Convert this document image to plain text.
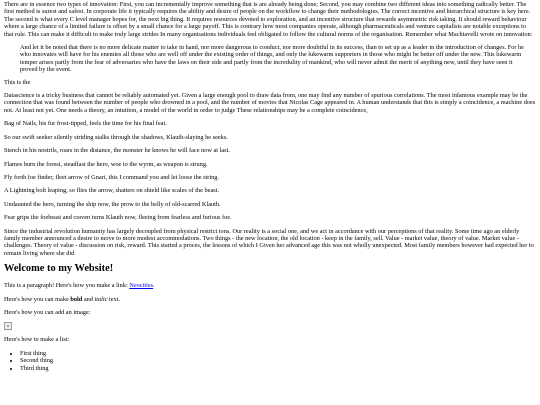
There are in essence two types of innovation: First, you can incrementally improve something that is are already being done; Second, you may combine two different ideas into something radically better. The first method is surest and safest. In corporate life it typically requires the ability and desire of people on the workflow to change their methodologies. The correct incentive and hierarchical structure is key here. The second is what every C level manager hopes for, the next big thing. It requires resources devoted to exploration, and an incentive structure that rewards asymmetric risk taking. It should reward behaviour where a large chance of a limited failure is offset by a small chance for a large payoff. This is contrary how most companies operate, although pharmaceuticals and venture capitalists are notable exceptions to that rule. This can make it difficult to make truly large strides In many organisations individuals feel obligated to follow the cultural norms of the organisation. Remember what Machiavelli wrote on innovation:

And let it be noted that there is no more delicate matter to take in hand, nor more dangerous to conduct, nor more doubtful in its success, than to set up as a leader in the introduction of changes. For he who innovates will have for his enemies all those who are well off under the existing order of things, and only the lukewarm supporters in those who might be better off under the new. This lukewarm temper arises partly from the fear of adversaries who have the laws on their side and partly from the incredulity of mankind, who will never admit the merit of anything new, until they have seen it proved by the event.

This is the

Datascience is a tricky business that cannot be reliably automated yet. Given a large enough pool to draw data from, one may find any number of spurious correlations. The most infamous example may be the connection that was found between the number of people who drowned in a pool, and the number of movies that Nicolas Cage appeared in. A human understands that this is simply a coincidence, a machine does not. At least not yet. One needs a theory, an intuition, a model of the world in order to judge These relationships may be a complete coincidence,

Bag of Nails, his fur frost-tipped, feels the time for his final feat.

So our swift seeker silently striding stalks through the shadows, Klauth-slaying he seeks.

Stench in his nostrils, roars in the distance, the monster he knows he will face now at last.

Flames burn the forest, steadfast the hero, woe to the wyrm, as weapon is strung.

Fly forth foe finder, fleet arrow of Gnari, this I command you and let loose the string.

A Lightning bolt leaping, so flies the arrow, shatters on shield like scales of the beast.

Undaunted the hero, turning the ship now, the prow to the belly of old-scarred Klauth.

Fear grips the foebeast and craven turns Klauth now, fleeing from fearless and furious foe.

Since the industrial revolution humanity has largely decoupled from physical restrict ions. Our reality is a social one, and we act in accordance with our perceptions of that reality. Some time ago an elderly family member announced a desire to move to more modest accommodations. Two things - the new location, the old location - keep in the family, sell. Value - market value, theory of value. Market value - challenges. Theory of value - discussion on risk, reward. This started a proces, the lessons of which I Given her advanced age this was not wholly unexpected. Most family members however had expected her to remain living where she did

Welcome to my Website!

This is a paragraph! Here's how you make a link: Neocities.

Here's how you can make bold and italic text.

Here's how you can add an image:

Here's how to make a list:

• First thing
• Second thing
• Third thing
